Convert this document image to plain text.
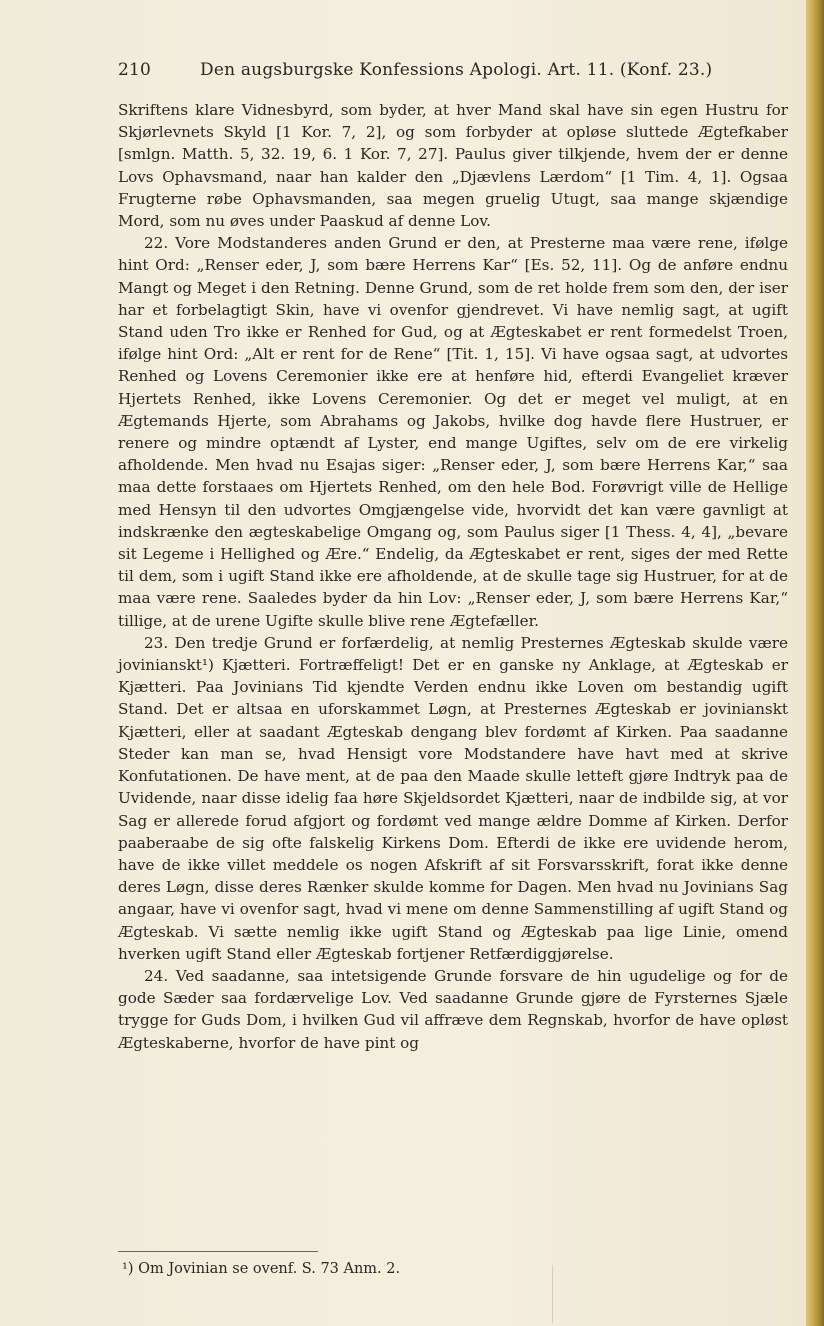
210	Den augsburgske Konfessions Apologi. Art. 11. (Konf. 23.)

Skriftens klare Vidnesbyrd, som byder, at hver Mand skal have sin egen Hustru for Skjørlevnets Skyld [1 Kor. 7, 2], og som forbyder at opløse sluttede Ægtefkaber [smlgn. Matth. 5, 32. 19, 6. 1 Kor. 7, 27]. Paulus giver tilkjende, hvem der er denne Lovs Ophavsmand, naar han kalder den „Djævlens Lærdom“ [1 Tim. 4, 1]. Ogsaa Frugterne røbe Ophavsmanden, saa megen gruelig Utugt, saa mange skjændige Mord, som nu øves under Paaskud af denne Lov.

22. Vore Modstanderes anden Grund er den, at Presterne maa være rene, ifølge hint Ord: „Renser eder, J, som bære Herrens Kar“ [Es. 52, 11]. Og de anføre endnu Mangt og Meget i den Retning. Denne Grund, som de ret holde frem som den, der iser har et forbelagtigt Skin, have vi ovenfor gjendrevet. Vi have nemlig sagt, at ugift Stand uden Tro ikke er Renhed for Gud, og at Ægteskabet er rent formedelst Troen, ifølge hint Ord: „Alt er rent for de Rene“ [Tit. 1, 15]. Vi have ogsaa sagt, at udvortes Renhed og Lovens Ceremonier ikke ere at henføre hid, efterdi Evangeliet kræver Hjertets Renhed, ikke Lovens Ceremonier. Og det er meget vel muligt, at en Ægtemands Hjerte, som Abrahams og Jakobs, hvilke dog havde flere Hustruer, er renere og mindre optændt af Lyster, end mange Ugiftes, selv om de ere virkelig afholdende. Men hvad nu Esajas siger: „Renser eder, J, som bære Herrens Kar,“ saa maa dette forstaaes om Hjertets Renhed, om den hele Bod. Forøvrigt ville de Hellige med Hensyn til den udvortes Omgjængelse vide, hvorvidt det kan være gavnligt at indskrænke den ægteskabelige Omgang og, som Paulus siger [1 Thess. 4, 4], „bevare sit Legeme i Hellighed og Ære.“ Endelig, da Ægteskabet er rent, siges der med Rette til dem, som i ugift Stand ikke ere afholdende, at de skulle tage sig Hustruer, for at de maa være rene. Saaledes byder da hin Lov: „Renser eder, J, som bære Herrens Kar,“ tillige, at de urene Ugifte skulle blive rene Ægtefæller.

23. Den tredje Grund er forfærdelig, at nemlig Presternes Ægteskab skulde være jovinianskt¹) Kjætteri. Fortræffeligt! Det er en ganske ny Anklage, at Ægteskab er Kjætteri. Paa Jovinians Tid kjendte Verden endnu ikke Loven om bestandig ugift Stand. Det er altsaa en uforskammet Løgn, at Presternes Ægteskab er jovinianskt Kjætteri, eller at saadant Ægteskab dengang blev fordømt af Kirken. Paa saadanne Steder kan man se, hvad Hensigt vore Modstandere have havt med at skrive Konfutationen. De have ment, at de paa den Maade skulle letteft gjøre Indtryk paa de Uvidende, naar disse idelig faa høre Skjeldsordet Kjætteri, naar de indbilde sig, at vor Sag er allerede forud afgjort og fordømt ved mange ældre Domme af Kirken. Derfor paaberaabe de sig ofte falskelig Kirkens Dom. Efterdi de ikke ere uvidende herom, have de ikke villet meddele os nogen Afskrift af sit Forsvarsskrift, forat ikke denne deres Løgn, disse deres Rænker skulde komme for Dagen. Men hvad nu Jovinians Sag angaar, have vi ovenfor sagt, hvad vi mene om denne Sammenstilling af ugift Stand og Ægteskab. Vi sætte nemlig ikke ugift Stand og Ægteskab paa lige Linie, omend hverken ugift Stand eller Ægteskab fortjener Retfærdiggjørelse.

24. Ved saadanne, saa intetsigende Grunde forsvare de hin ugudelige og for de gode Sæder saa fordærvelige Lov. Ved saadanne Grunde gjøre de Fyrsternes Sjæle trygge for Guds Dom, i hvilken Gud vil affræve dem Regnskab, hvorfor de have opløst Ægteskaberne, hvorfor de have pint og

¹) Om Jovinian se ovenf. S. 73 Anm. 2.
